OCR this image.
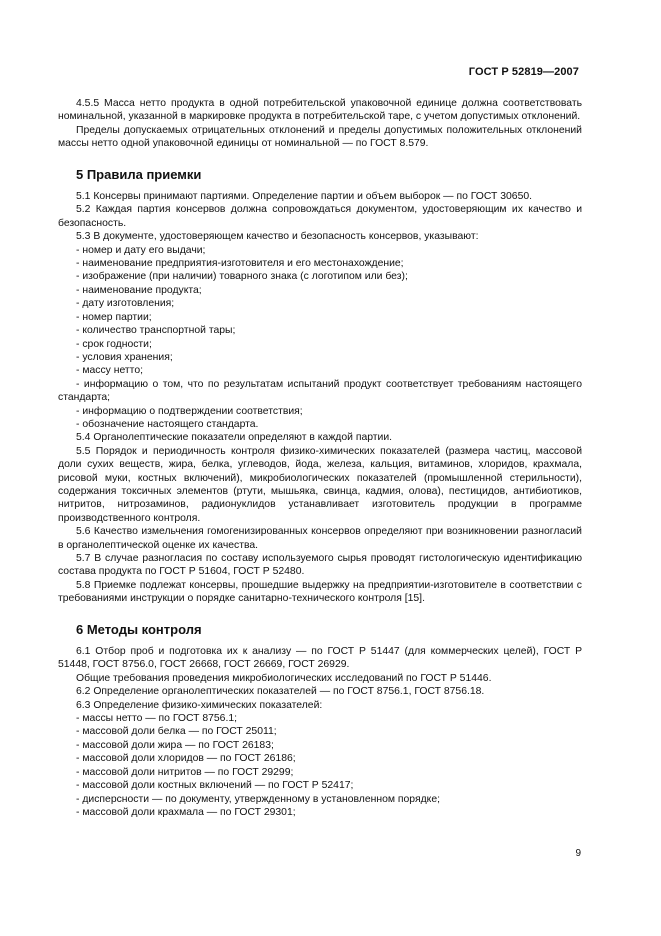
ГОСТ Р 52819—2007

4.5.5 Масса нетто продукта в одной потребительской упаковочной единице должна соответствовать номинальной, указанной в маркировке продукта в потребительской таре, с учетом допустимых отклонений.

Пределы допускаемых отрицательных отклонений и пределы допустимых положительных отклонений массы нетто одной упаковочной единицы от номинальной — по ГОСТ 8.579.

5 Правила приемки

5.1 Консервы принимают партиями. Определение партии и объем выборок — по ГОСТ 30650.

5.2 Каждая партия консервов должна сопровождаться документом, удостоверяющим их качество и безопасность.

5.3 В документе, удостоверяющем качество и безопасность консервов, указывают:

- номер и дату его выдачи;
- наименование предприятия-изготовителя и его местонахождение;
- изображение (при наличии) товарного знака (с логотипом или без);
- наименование продукта;
- дату изготовления;
- номер партии;
- количество транспортной тары;
- срок годности;
- условия хранения;
- массу нетто;

- информацию о том, что по результатам испытаний продукт соответствует требованиям настоящего стандарта;

- информацию о подтверждении соответствия;
- обозначение настоящего стандарта.

5.4 Органолептические показатели определяют в каждой партии.

5.5 Порядок и периодичность контроля физико-химических показателей (размера частиц, массовой доли сухих веществ, жира, белка, углеводов, йода, железа, кальция, витаминов, хлоридов, крахмала, рисовой муки, костных включений), микробиологических показателей (промышленной стерильности), содержания токсичных элементов (ртути, мышьяка, свинца, кадмия, олова), пестицидов, антибиотиков, нитритов, нитрозаминов, радионуклидов устанавливает изготовитель продукции в программе производственного контроля.

5.6 Качество измельчения гомогенизированных консервов определяют при возникновении разногласий в органолептической оценке их качества.

5.7 В случае разногласия по составу используемого сырья проводят гистологическую идентификацию состава продукта по ГОСТ Р 51604, ГОСТ Р 52480.

5.8 Приемке подлежат консервы, прошедшие выдержку на предприятии-изготовителе в соответствии с требованиями инструкции о порядке санитарно-технического контроля [15].

6 Методы контроля

6.1 Отбор проб и подготовка их к анализу — по ГОСТ Р 51447 (для коммерческих целей), ГОСТ Р 51448, ГОСТ 8756.0, ГОСТ 26668, ГОСТ 26669, ГОСТ 26929.

Общие требования проведения микробиологических исследований по ГОСТ Р 51446.

6.2 Определение органолептических показателей — по ГОСТ 8756.1, ГОСТ 8756.18.

6.3 Определение физико-химических показателей:

- массы нетто — по ГОСТ 8756.1;
- массовой доли белка — по ГОСТ 25011;
- массовой доли жира — по ГОСТ 26183;
- массовой доли хлоридов — по ГОСТ 26186;
- массовой доли нитритов — по ГОСТ 29299;
- массовой доли костных включений — по ГОСТ Р 52417;
- дисперсности — по документу, утвержденному в установленном порядке;
- массовой доли крахмала — по ГОСТ 29301;
9
